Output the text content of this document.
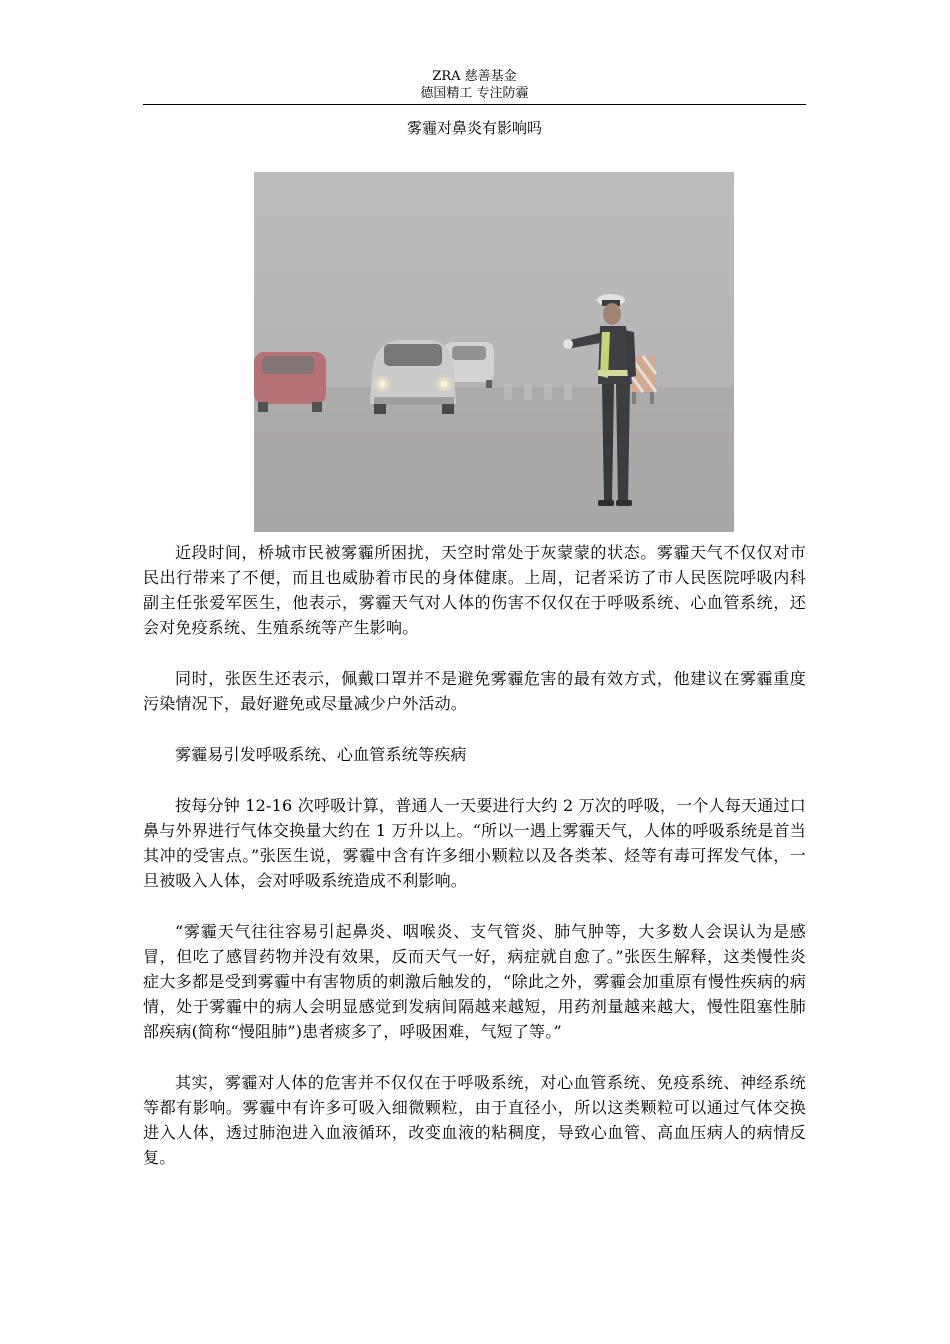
ZRA 慈善基金
德国精工 专注防霾
雾霾对鼻炎有影响吗

近段时间，桥城市民被雾霾所困扰，天空时常处于灰蒙蒙的状态。雾霾天气不仅仅对市民出行带来了不便，而且也威胁着市民的身体健康。上周，记者采访了市人民医院呼吸内科副主任张爱军医生，他表示，雾霾天气对人体的伤害不仅仅在于呼吸系统、心血管系统，还会对免疫系统、生殖系统等产生影响。

同时，张医生还表示，佩戴口罩并不是避免雾霾危害的最有效方式，他建议在雾霾重度污染情况下，最好避免或尽量减少户外活动。

雾霾易引发呼吸系统、心血管系统等疾病

按每分钟 12-16 次呼吸计算，普通人一天要进行大约 2 万次的呼吸，一个人每天通过口鼻与外界进行气体交换量大约在 1 万升以上。“所以一遇上雾霾天气，人体的呼吸系统是首当其冲的受害点。”张医生说，雾霾中含有许多细小颗粒以及各类苯、烃等有毒可挥发气体，一旦被吸入人体，会对呼吸系统造成不利影响。

“雾霾天气往往容易引起鼻炎、咽喉炎、支气管炎、肺气肿等，大多数人会误认为是感冒，但吃了感冒药物并没有效果，反而天气一好，病症就自愈了。”张医生解释，这类慢性炎症大多都是受到雾霾中有害物质的刺激后触发的，“除此之外，雾霾会加重原有慢性疾病的病情，处于雾霾中的病人会明显感觉到发病间隔越来越短，用药剂量越来越大，慢性阻塞性肺部疾病(简称“慢阻肺”)患者痰多了，呼吸困难，气短了等。”

其实，雾霾对人体的危害并不仅仅在于呼吸系统，对心血管系统、免疫系统、神经系统等都有影响。雾霾中有许多可吸入细微颗粒，由于直径小，所以这类颗粒可以通过气体交换进入人体，透过肺泡进入血液循环，改变血液的粘稠度，导致心血管、高血压病人的病情反复。
